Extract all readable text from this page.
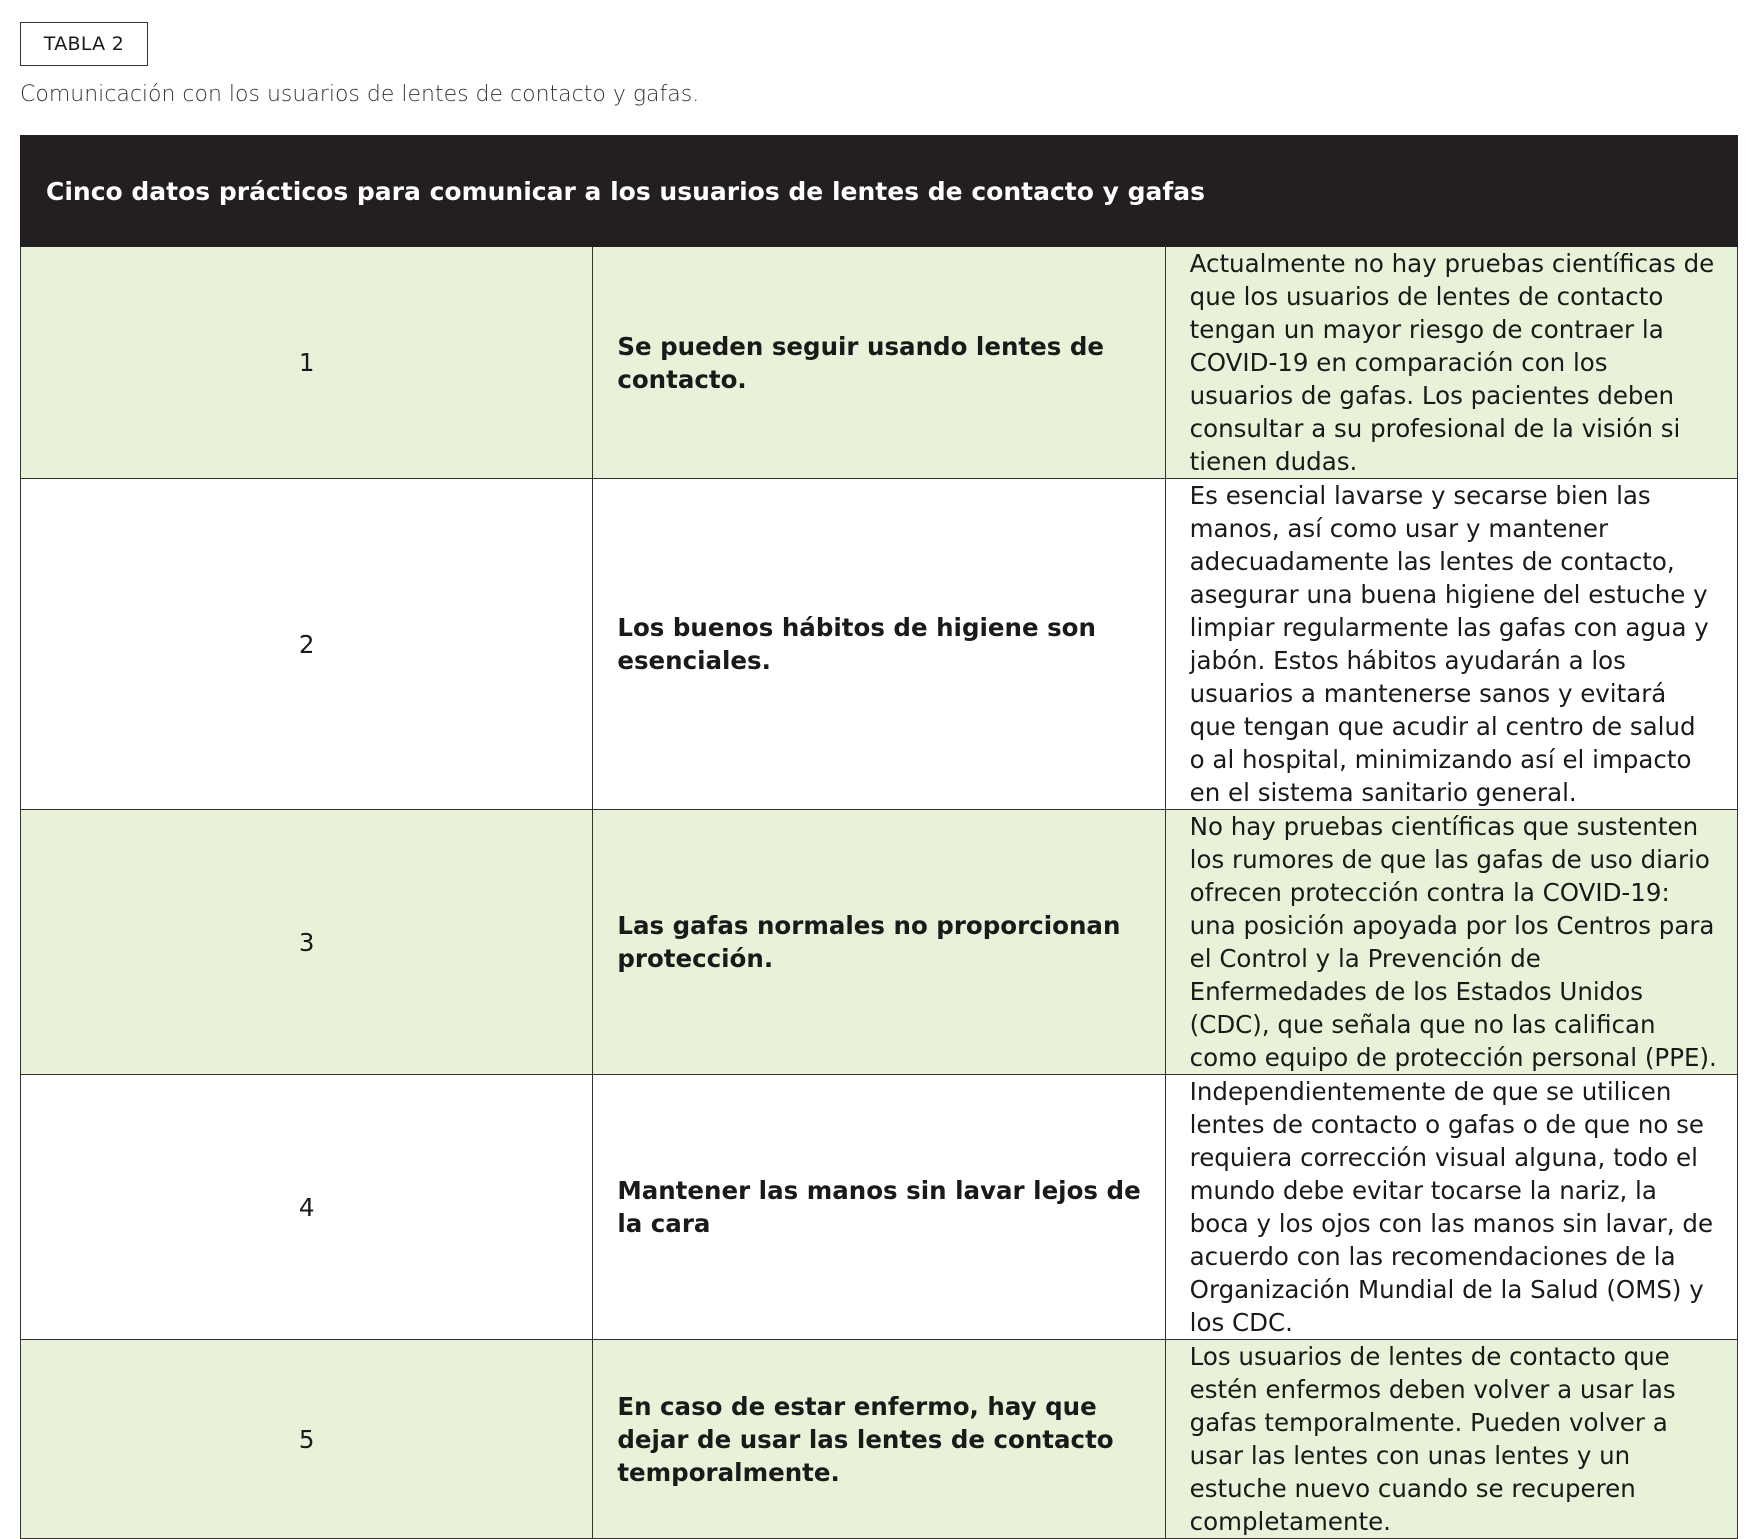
TABLA 2
Comunicación con los usuarios de lentes de contacto y gafas.
Cinco datos prácticos para comunicar a los usuarios de lentes de contacto y gafas		
1	Se pueden seguir usando lentes de contacto.	Actualmente no hay pruebas científicas de que los usuarios de lentes de contacto tengan un mayor riesgo de contraer la COVID-19 en comparación con los usuarios de gafas. Los pacientes deben consultar a su profesional de la visión si tienen dudas.
2	Los buenos hábitos de higiene son esenciales.	Es esencial lavarse y secarse bien las manos, así como usar y mantener adecuadamente las lentes de contacto, asegurar una buena higiene del estuche y limpiar regularmente las gafas con agua y jabón. Estos hábitos ayudarán a los usuarios a mantenerse sanos y evitará que tengan que acudir al centro de salud o al hospital, minimizando así el impacto en el sistema sanitario general.
3	Las gafas normales no proporcionan protección.	No hay pruebas científicas que sustenten los rumores de que las gafas de uso diario ofrecen protección contra la COVID-19: una posición apoyada por los Centros para el Control y la Prevención de Enfermedades de los Estados Unidos (CDC), que señala que no las califican como equipo de protección personal (PPE).
4	Mantener las manos sin lavar lejos de la cara	Independientemente de que se utilicen lentes de contacto o gafas o de que no se requiera corrección visual alguna, todo el mundo debe evitar tocarse la nariz, la boca y los ojos con las manos sin lavar, de acuerdo con las recomendaciones de la Organización Mundial de la Salud (OMS) y los CDC.
5	En caso de estar enfermo, hay que dejar de usar las lentes de contacto temporalmente.	Los usuarios de lentes de contacto que estén enfermos deben volver a usar las gafas temporalmente. Pueden volver a usar las lentes con unas lentes y un estuche nuevo cuando se recuperen completamente.
